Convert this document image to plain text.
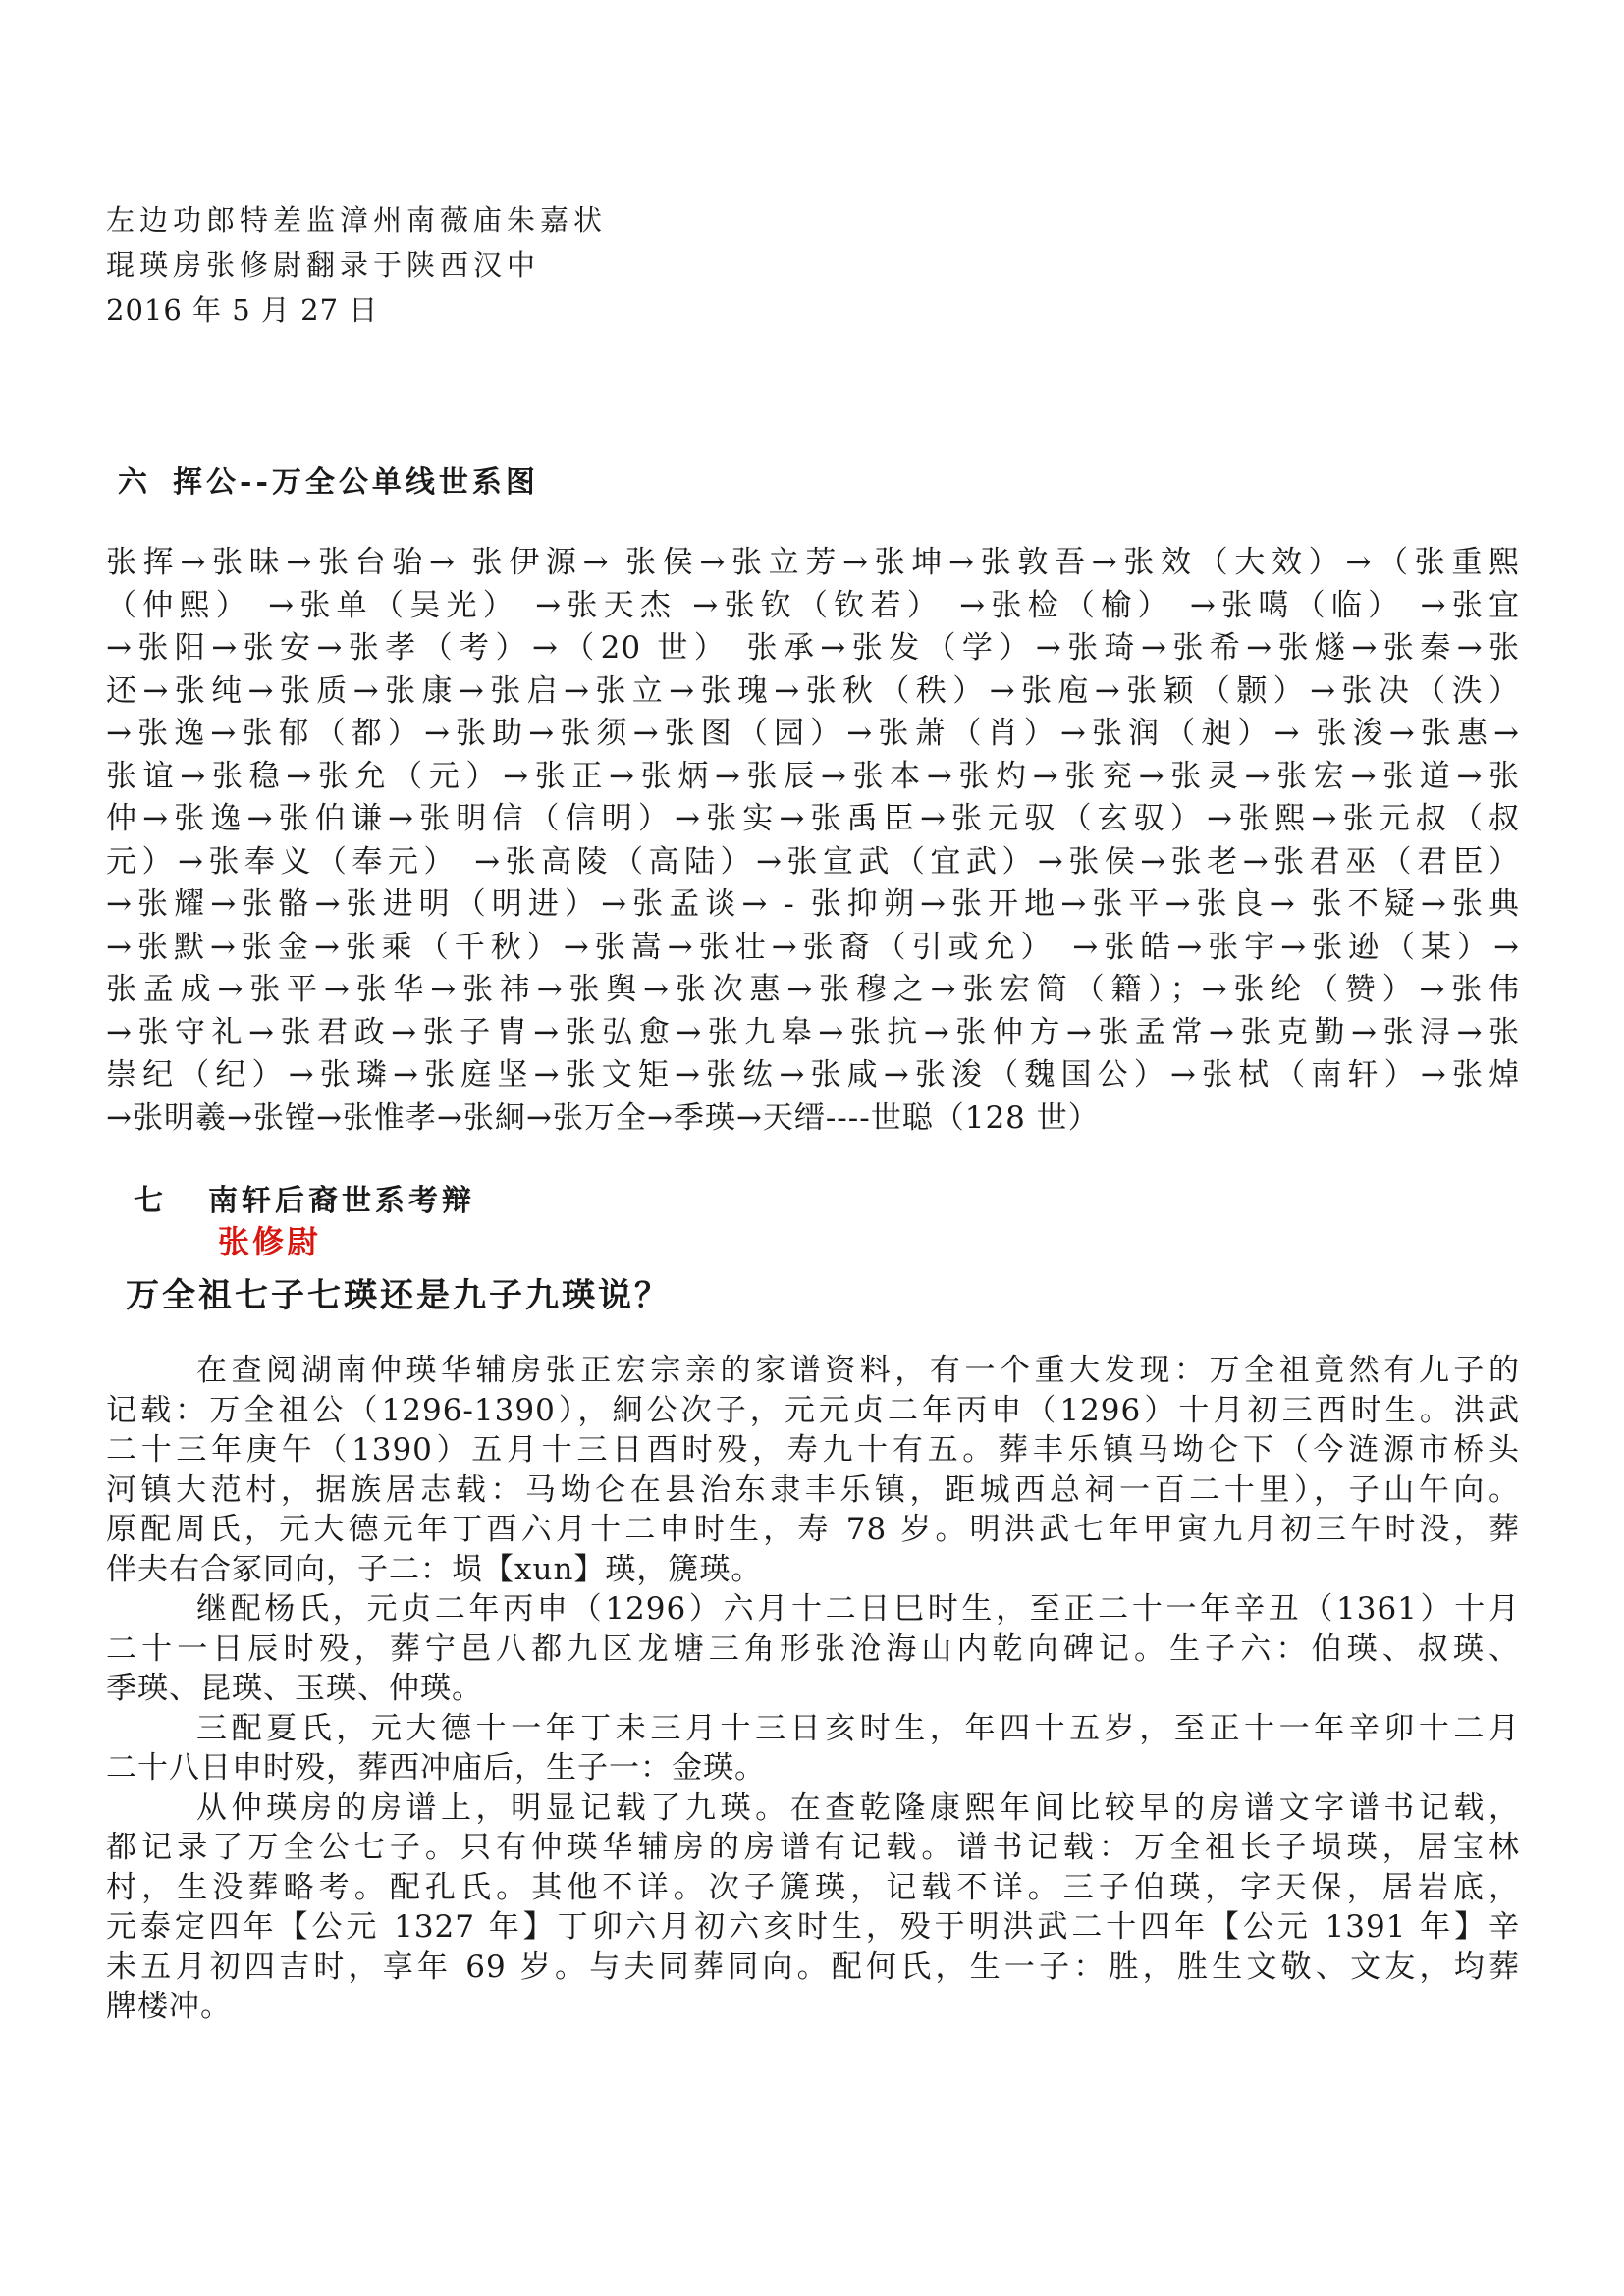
左边功郎特差监漳州南薇庙朱嘉状
琨瑛房张修尉翻录于陕西汉中
2016 年 5 月 27 日
六 挥公--万全公单线世系图
张挥→张昧→张台骀→ 张伊源→ 张侯→张立芳→张坤→张敦吾→张效（大效）→（张重熙
（仲熙） →张单（吴光） →张天杰 →张钦（钦若） →张检（榆） →张噶（临） →张宜
→张阳→张安→张孝（考）→（20 世） 张承→张发（学）→张琦→张希→张燧→张秦→张
还→张纯→张质→张康→张启→张立→张瑰→张秋（秩）→张庖→张颖（颢）→张决（泆）
→张逸→张郁（都）→张助→张须→张图（园）→张萧（肖）→张润（昶）→ 张浚→张惠→
张谊→张稳→张允（元）→张正→张炳→张辰→张本→张灼→张兖→张灵→张宏→张道→张
仲→张逸→张伯谦→张明信（信明）→张实→张禹臣→张元驭（玄驭）→张熙→张元叔（叔
元）→张奉义（奉元） →张高陵（高陆）→张宣武（宜武）→张侯→张老→张君巫（君臣）
→张耀→张骼→张进明（明进）→张孟谈→ - 张抑朔→张开地→张平→张良→ 张不疑→张典
→张默→张金→张乘（千秋）→张嵩→张壮→张裔（引或允） →张皓→张宇→张逊（某）→
张孟成→张平→张华→张祎→张舆→张次惠→张穆之→张宏简（籍）；→张纶（赞）→张伟
→张守礼→张君政→张子胄→张弘愈→张九皋→张抗→张仲方→张孟常→张克勤→张浔→张
崇纪（纪）→张璘→张庭坚→张文矩→张纮→张咸→张浚（魏国公）→张栻（南轩）→张焯
→张明羲→张镗→张惟孝→张絅→张万全→季瑛→天缙----世聪（128 世）
七 南轩后裔世系考辩
张修尉
万全祖七子七瑛还是九子九瑛说？
在查阅湖南仲瑛华辅房张正宏宗亲的家谱资料，有一个重大发现：万全祖竟然有九子的
记载：万全祖公（1296-1390），絅公次子，元元贞二年丙申（1296）十月初三酉时生。洪武
二十三年庚午（1390）五月十三日酉时殁，寿九十有五。葬丰乐镇马坳仑下（今涟源市桥头
河镇大范村，据族居志载：马坳仑在县治东隶丰乐镇，距城西总祠一百二十里），子山午向。
原配周氏，元大德元年丁酉六月十二申时生，寿 78 岁。明洪武七年甲寅九月初三午时没，葬
伴夫右合冢同向，子二：埙【xun】瑛，篪瑛。
继配杨氏，元贞二年丙申（1296）六月十二日巳时生，至正二十一年辛丑（1361）十月
二十一日辰时殁，葬宁邑八都九区龙塘三角形张沧海山内乾向碑记。生子六：伯瑛、叔瑛、
季瑛、昆瑛、玉瑛、仲瑛。
三配夏氏，元大德十一年丁未三月十三日亥时生，年四十五岁，至正十一年辛卯十二月
二十八日申时殁，葬西冲庙后，生子一：金瑛。
从仲瑛房的房谱上，明显记载了九瑛。在查乾隆康熙年间比较早的房谱文字谱书记载，
都记录了万全公七子。只有仲瑛华辅房的房谱有记载。谱书记载：万全祖长子埙瑛，居宝林
村，生没葬略考。配孔氏。其他不详。次子篪瑛，记载不详。三子伯瑛，字天保，居岩底，
元泰定四年【公元 1327 年】丁卯六月初六亥时生，殁于明洪武二十四年【公元 1391 年】辛
未五月初四吉时，享年 69 岁。与夫同葬同向。配何氏，生一子：胜，胜生文敬、文友，均葬
牌楼冲。
